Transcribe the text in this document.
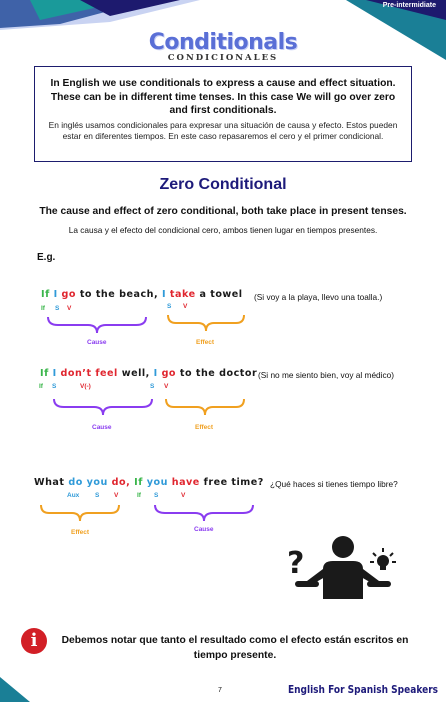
Pre-intermidiate
Conditionals
CONDICIONALES
In English we use conditionals to express a cause and effect situation. These can be in different time tenses. In this case We will go over zero and first conditionals.
En inglés usamos condicionales para expresar una situación de causa y efecto. Estos pueden estar en diferentes tiempos. En este caso repasaremos el cero y el primer condicional.
Zero Conditional
The cause and effect of zero conditional, both take place in present tenses.
La causa y el efecto del condicional cero, ambos tienen lugar en tiempos presentes.
E.g.
If I go to the beach, I take a towel (Si voy a la playa, llevo una toalla.)
If S V	S V
Cause	Effect
If I don’t feel well, I go to the doctor (Si no me siento bien, voy al médico)
If S	V(-)	S V
Cause	Effect
What do you do, If you have free time? ¿Qué haces si tienes tiempo libre?
Aux S V	If S	V
Effect	Cause
?
i	Debemos notar que tanto el resultado como el efecto están escritos en tiempo presente.
7	English For Spanish Speakers
